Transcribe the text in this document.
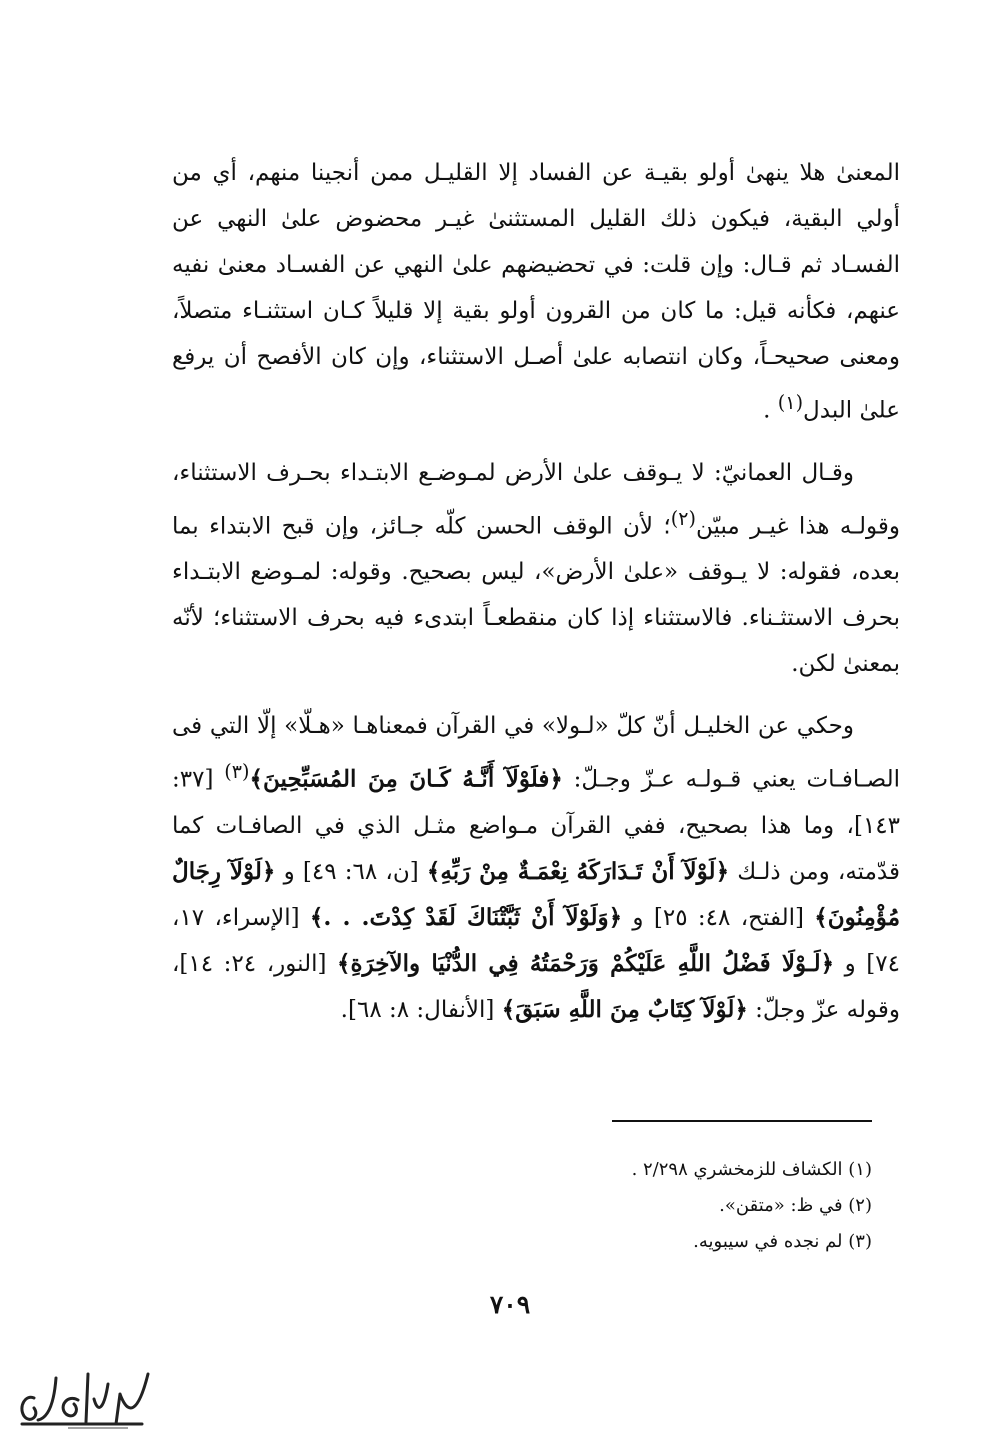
المعنىٰ هلا ينهىٰ أولو بقيـة عن الفساد إلا القليـل ممن أنجينا منهم، أي من أولي البقية، فيكون ذلك القليل المستثنىٰ غيـر محضوض علىٰ النهي عن الفسـاد ثم قـال: وإن قلت: في تحضيضهم علىٰ النهي عن الفسـاد معنىٰ نفيه عنهم، فكأنه قيل: ما كان من القرون أولو بقية إلا قليلاً كـان استثنـاء متصلاً، ومعنى صحيحـاً، وكان انتصابه علىٰ أصـل الاستثناء، وإن كان الأفصح أن يرفع علىٰ البدل$^{(١)}$ .

وقـال العمانيّ: لا يـوقف علىٰ الأرض لمـوضـع الابتـداء بحـرف الاستثناء، وقولـه هذا غيـر مبيّن$^{(٢)}$؛ لأن الوقف الحسن كلّه جـائز، وإن قبح الابتداء بما بعده، فقوله: لا يـوقف «علىٰ الأرض»، ليس بصحيح. وقوله: لمـوضع الابتـداء بحرف الاستثـناء. فالاستثناء إذا كان منقطعـاً ابتدىء فيه بحرف الاستثناء؛ لأنّه بمعنىٰ لكن.

وحكي عن الخليـل أنّ كلّ «لـولا» في القرآن فمعناهـا «هـلّا» إلّا التي فى الصـافـات يعني قـولـه عـزّ وجـلّ: ﴿فلَوْلَآ أَنَّـهُ كَـانَ مِنَ المُسَبِّحِينَ﴾$^{(٣)}$ [٣٧: ١٤٣]، وما هذا بصحيح، ففي القرآن مـواضع مثـل الذي في الصافـات كما قدّمته، ومن ذلـك ﴿لَوْلَآ أَنْ تَـدَارَكَهُ نِعْمَـةٌ مِنْ رَبِّهِ﴾ [ن، ٦٨: ٤٩] و ﴿لَوْلَآ رِجَالٌ مُؤْمِنُونَ﴾ [الفتح، ٤٨: ٢٥] و ﴿وَلَوْلَآ أَنْ ثَبَّتْنَاكَ لَقَدْ كِدْتَ. . .﴾ [الإسراء، ١٧، ٧٤] و ﴿لَـوْلَا فَضْلُ اللَّهِ عَلَيْكُمْ وَرَحْمَتُهُ فِي الدُّنْيَا والآخِرَةِ﴾ [النور، ٢٤: ١٤]، وقوله عزّ وجلّ: ﴿لَوْلَآ كِتَابٌ مِنَ اللَّهِ سَبَقَ﴾ [الأنفال: ٨: ٦٨].

(١) الكشاف للزمخشري ٢/٢٩٨ .
(٢) في ظ: «متقن».
(٣) لم نجده في سيبويه.
٧٠٩
